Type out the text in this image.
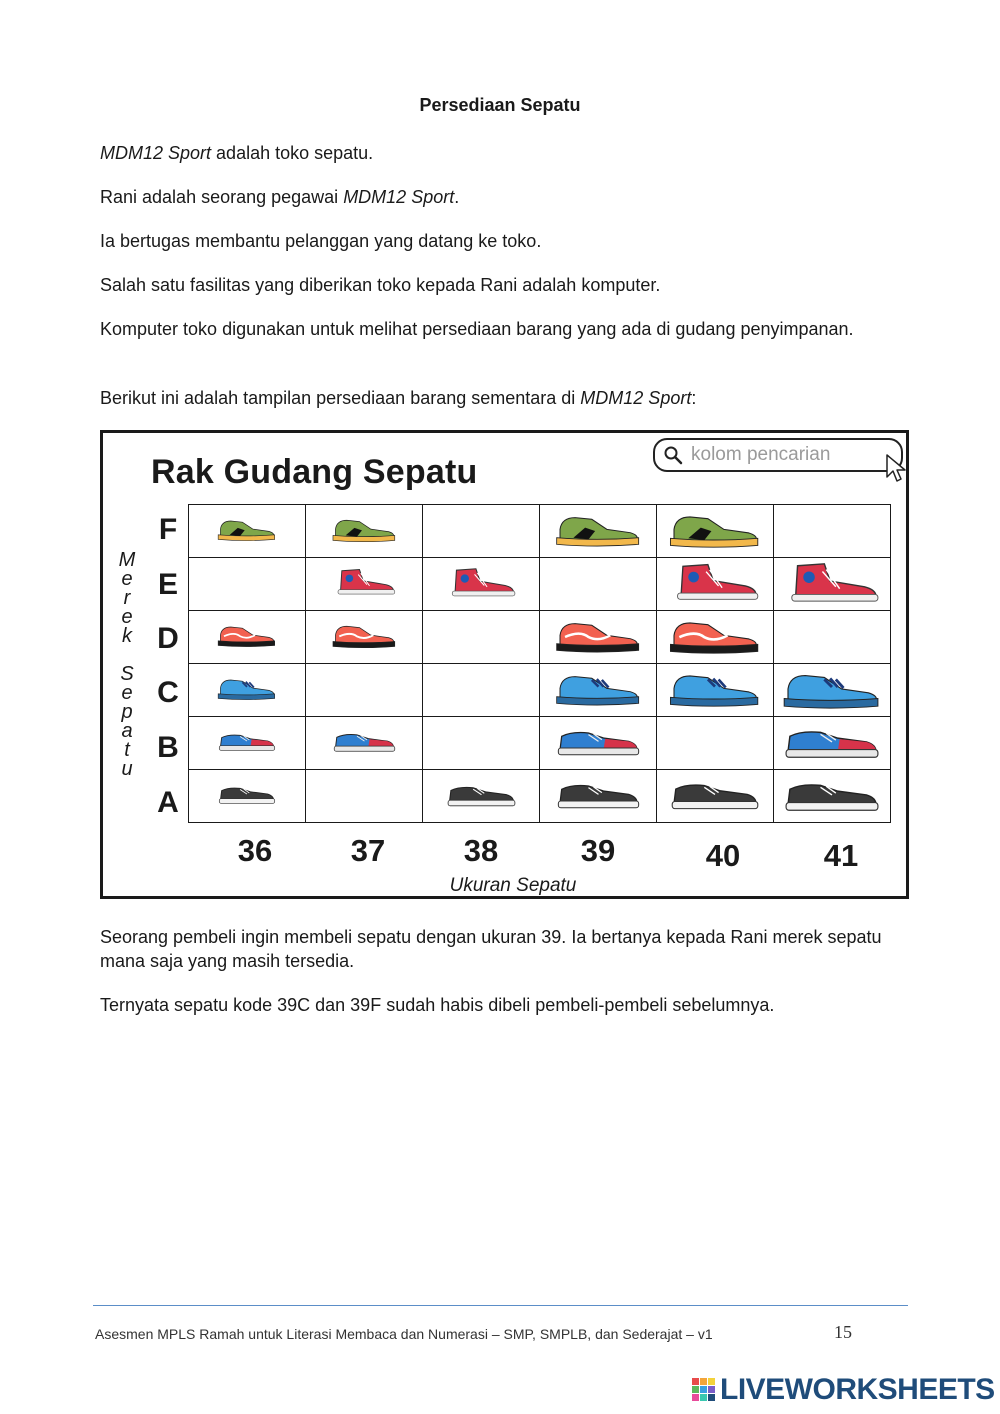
Persediaan Sepatu
MDM12 Sport adalah toko sepatu.
Rani adalah seorang pegawai MDM12 Sport.
Ia bertugas membantu pelanggan yang datang ke toko.
Salah satu fasilitas yang diberikan toko kepada Rani adalah komputer.
Komputer toko digunakan untuk melihat persediaan barang yang ada di gudang penyimpanan.
Berikut ini adalah tampilan persediaan barang sementara di MDM12 Sport:
Rak Gudang Sepatu	kolom pencarian
M
e
r
e
k

S
e
p
a
t
u
F
E
D
C
B
A

36	37	38	39	40	41
Ukuran Sepatu
Seorang pembeli ingin membeli sepatu dengan ukuran 39. Ia bertanya kepada Rani merek sepatu mana saja yang masih tersedia.
Ternyata sepatu kode 39C dan 39F sudah habis dibeli pembeli-pembeli sebelumnya.
Asesmen MPLS Ramah untuk Literasi Membaca dan Numerasi – SMP, SMPLB, dan Sederajat – v1	15
LIVEWORKSHEETS
